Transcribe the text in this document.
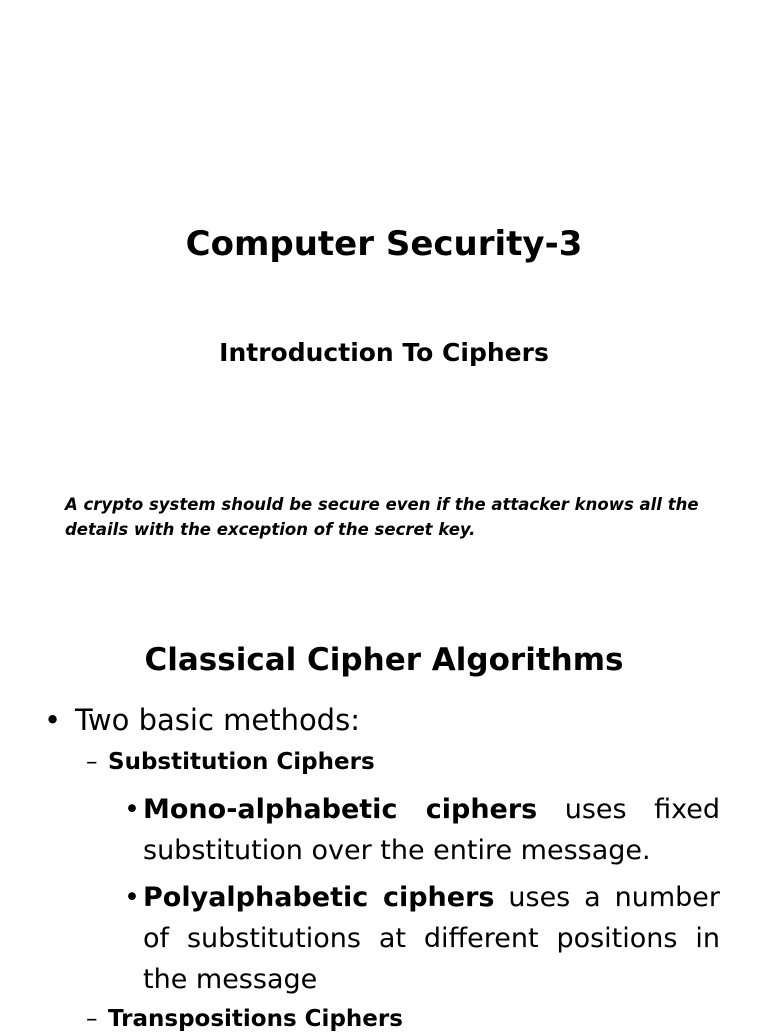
Computer Security-3
Introduction To Ciphers
A crypto system should be secure even if the attacker knows all the details with the exception of the secret key.
Classical Cipher Algorithms
• Two basic methods:
– Substitution Ciphers
• Mono-alphabetic ciphers uses fixed substitution over the entire message.
• Polyalphabetic ciphers uses a number of substitutions at different positions in the message
– Transpositions Ciphers
